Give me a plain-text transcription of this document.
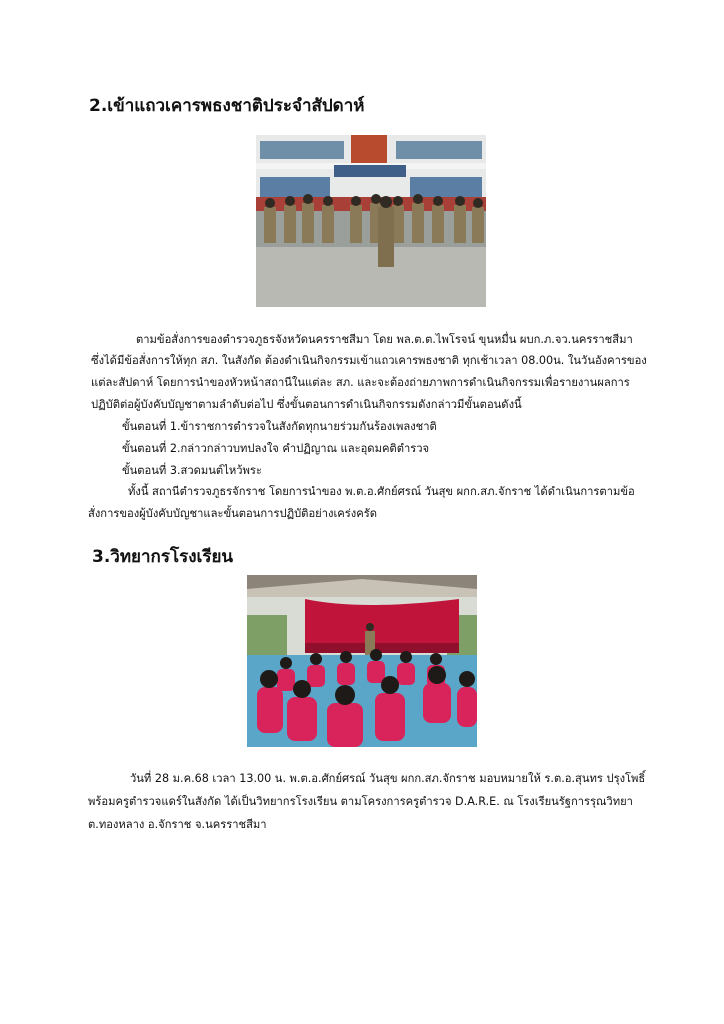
2.เข้าแถวเคารพธงชาติประจำสัปดาห์

ตามข้อสั่งการของตำรวจภูธรจังหวัดนครราชสีมา โดย พล.ต.ต.ไพโรจน์ ขุนหมื่น ผบก.ภ.จว.นครราชสีมา

ซึ่งได้มีข้อสั่งการให้ทุก สภ. ในสังกัด ต้องดำเนินกิจกรรมเข้าแถวเคารพธงชาติ ทุกเช้าเวลา 08.00น. ในวันอังคารของ

แต่ละสัปดาห์ โดยการนำของหัวหน้าสถานีในแต่ละ สภ. และจะต้องถ่ายภาพการดำเนินกิจกรรมเพื่อรายงานผลการ

ปฏิบัติต่อผู้บังคับบัญชาตามลำดับต่อไป ซึ่งขั้นตอนการดำเนินกิจกรรมดังกล่าวมีขั้นตอนดังนี้

ขั้นตอนที่ 1.ข้าราชการตำรวจในสังกัดทุกนายร่วมกันร้องเพลงชาติ

ขั้นตอนที่ 2.กล่าวกล่าวบทปลงใจ คำปฏิญาณ และอุดมคติตำรวจ

ขั้นตอนที่ 3.สวดมนต์ไหว้พระ

ทั้งนี้ สถานีตำรวจภูธรจักราช โดยการนำของ พ.ต.อ.ศักย์ศรณ์ วันสุข ผกก.สภ.จักราช ได้ดำเนินการตามข้อ

สั่งการของผู้บังคับบัญชาและขั้นตอนการปฏิบัติอย่างเคร่งครัด

3.วิทยากรโรงเรียน

วันที่ 28 ม.ค.68 เวลา 13.00 น. พ.ต.อ.ศักย์ศรณ์ วันสุข ผกก.สภ.จักราช มอบหมายให้ ร.ต.อ.สุนทร ปรุงโพธิ์

พร้อมครูตำรวจแดร์ในสังกัด ได้เป็นวิทยากรโรงเรียน ตามโครงการครูตำรวจ D.A.R.E. ณ โรงเรียนรัฐการรุณวิทยา

ต.ทองหลาง อ.จักราช จ.นครราชสีมา
